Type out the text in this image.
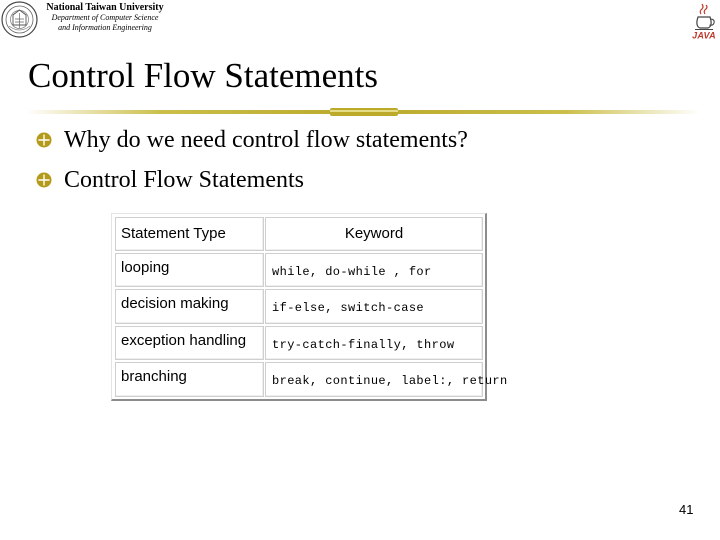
National Taiwan University
Department of Computer Science
and Information Engineering
JAVA
Control Flow Statements
Why do we need control flow statements?
Control Flow Statements
Statement Type	Keyword
looping	while, do-while , for
decision making	if-else, switch-case
exception handling	try-catch-finally, throw
branching	break, continue, label:, return
41
